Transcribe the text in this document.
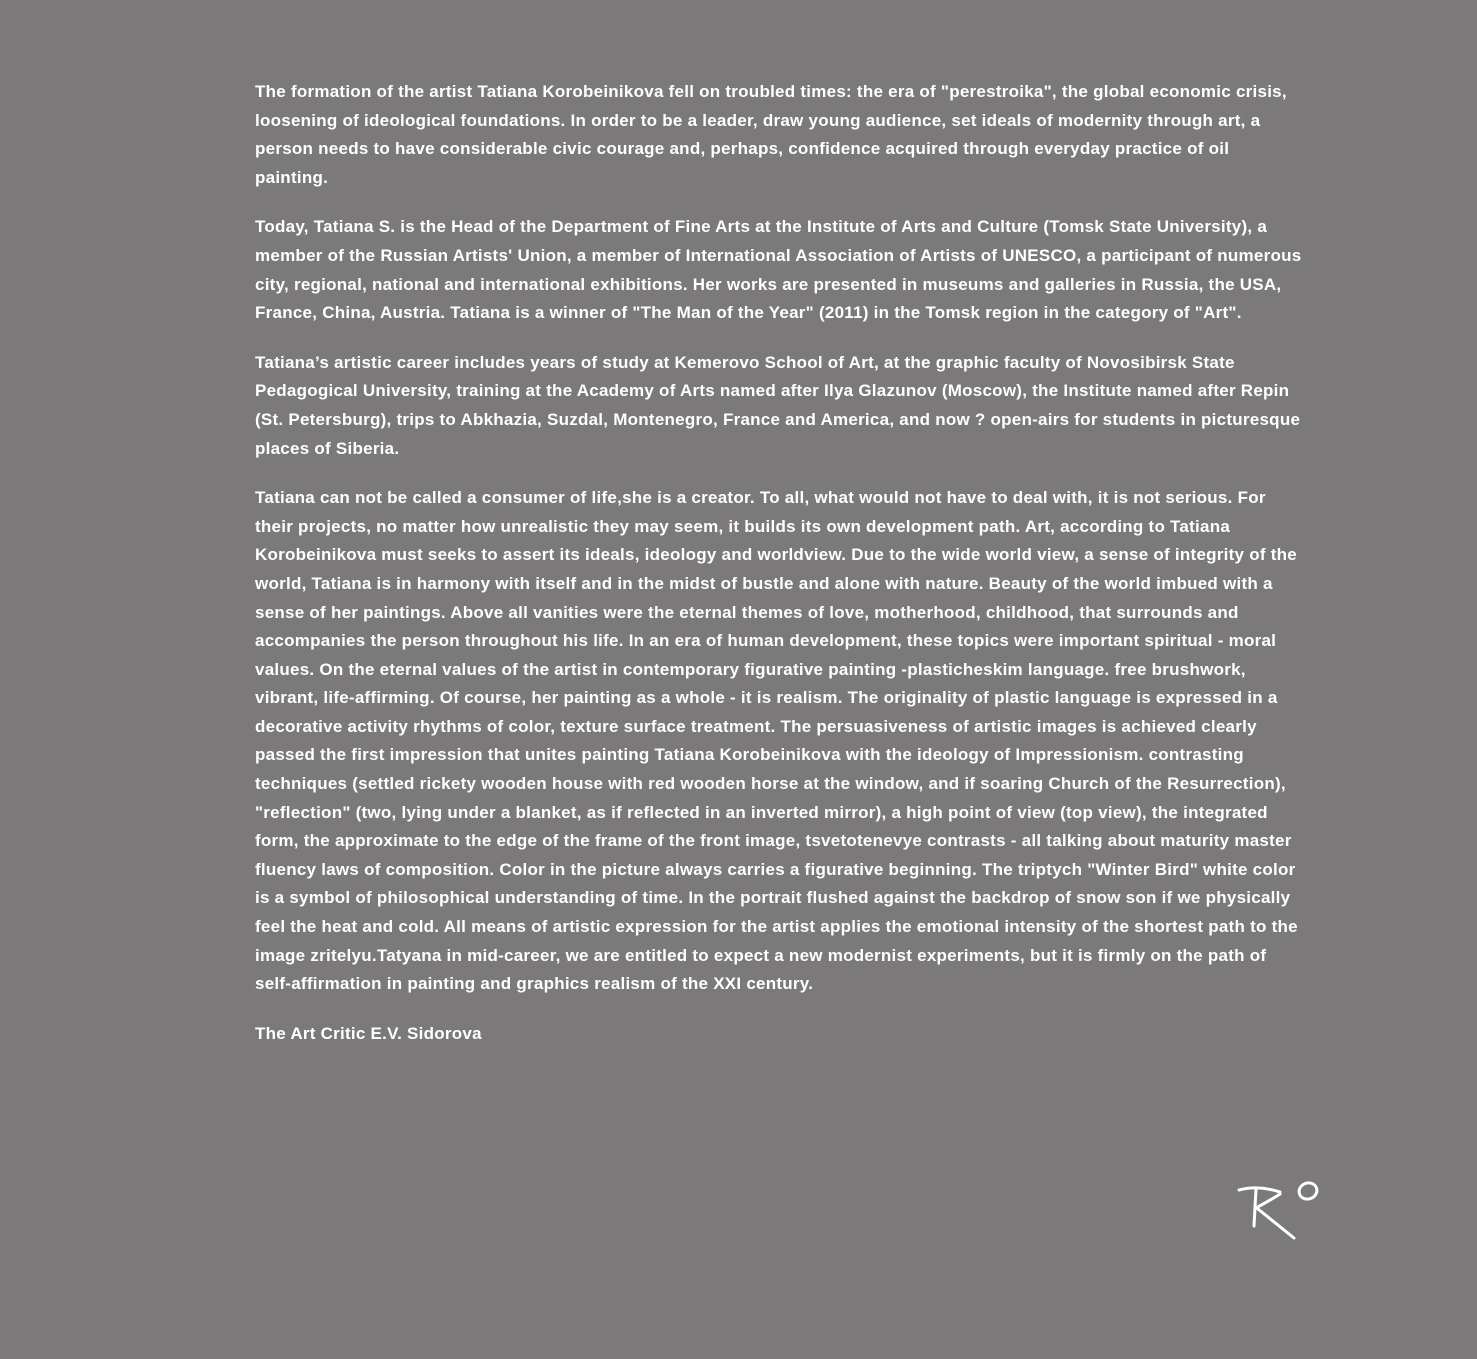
The formation of the artist Tatiana Korobeinikova fell on troubled times: the era of "perestroika", the global economic crisis, loosening of ideological foundations. In order to be a leader, draw young audience, set ideals of modernity through art, a person needs to have considerable civic courage and, perhaps, confidence acquired through everyday practice of oil painting.

Today, Tatiana S. is the Head of the Department of Fine Arts at the Institute of Arts and Culture (Tomsk State University), a member of the Russian Artists' Union, a member of International Association of Artists of UNESCO, a participant of numerous city, regional, national and international exhibitions. Her works are presented in museums and galleries in Russia, the USA, France, China, Austria. Tatiana is a winner of "The Man of the Year" (2011) in the Tomsk region in the category of "Art".

Tatiana’s artistic career includes years of study at Kemerovo School of Art, at the graphic faculty of Novosibirsk State Pedagogical University, training at the Academy of Arts named after Ilya Glazunov (Moscow), the Institute named after Repin (St. Petersburg), trips to Abkhazia, Suzdal, Montenegro, France and America, and now ? open-airs for students in picturesque places of Siberia.

Tatiana can not be called a consumer of life,she is a creator. To all, what would not have to deal with, it is not serious. For their projects, no matter how unrealistic they may seem, it builds its own development path. Art, according to Tatiana Korobeinikova must seeks to assert its ideals, ideology and worldview. Due to the wide world view, a sense of integrity of the world, Tatiana is in harmony with itself and in the midst of bustle and alone with nature. Beauty of the world imbued with a sense of her paintings. Above all vanities were the eternal themes of love, motherhood, childhood, that surrounds and accompanies the person throughout his life. In an era of human development, these topics were important spiritual - moral values. On the eternal values of the artist in contemporary figurative painting -plasticheskim language. free brushwork, vibrant, life-affirming. Of course, her painting as a whole - it is realism. The originality of plastic language is expressed in a decorative activity rhythms of color, texture surface treatment. The persuasiveness of artistic images is achieved clearly passed the first impression that unites painting Tatiana Korobeinikova with the ideology of Impressionism. contrasting techniques (settled rickety wooden house with red wooden horse at the window, and if soaring Church of the Resurrection), "reflection" (two, lying under a blanket, as if reflected in an inverted mirror), a high point of view (top view), the integrated form, the approximate to the edge of the frame of the front image, tsvetotenevye contrasts - all talking about maturity master fluency laws of composition. Color in the picture always carries a figurative beginning. The triptych "Winter Bird" white color is a symbol of philosophical understanding of time. In the portrait flushed against the backdrop of snow son if we physically feel the heat and cold. All means of artistic expression for the artist applies the emotional intensity of the shortest path to the image zritelyu.Tatyana in mid-career, we are entitled to expect a new modernist experiments, but it is firmly on the path of self-affirmation in painting and graphics realism of the XXI century.

The Art Critic E.V. Sidorova
